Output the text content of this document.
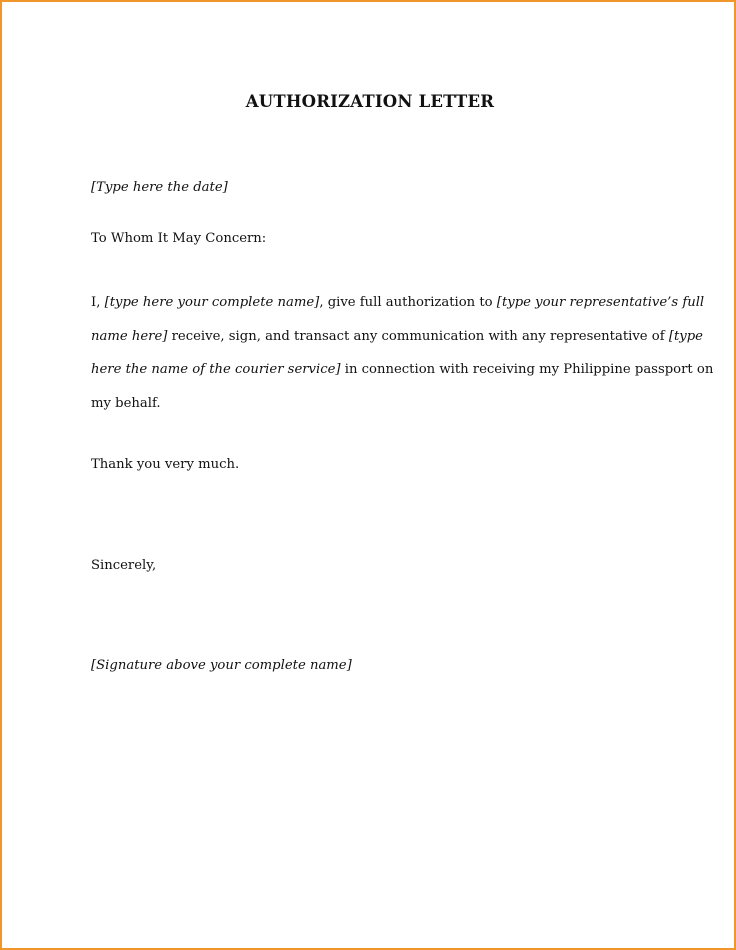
AUTHORIZATION LETTER
[Type here the date]
To Whom It May Concern:
I, [type here your complete name], give full authorization to [type your representative’s full
name here] receive, sign, and transact any communication with any representative of [type
here the name of the courier service] in connection with receiving my Philippine passport on
my behalf.
Thank you very much.
Sincerely,
[Signature above your complete name]
